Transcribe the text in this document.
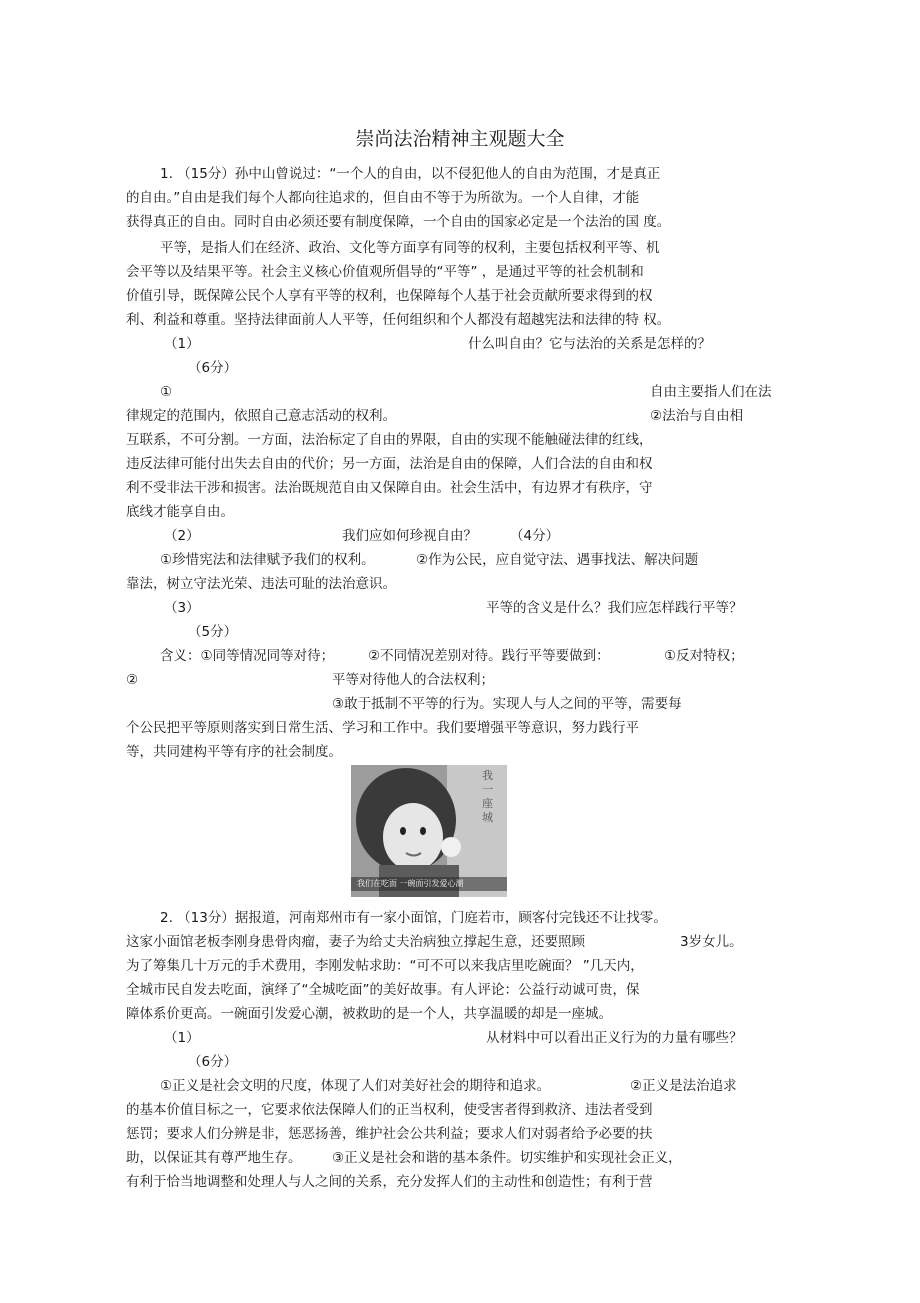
崇尚法治精神主观题大全
1. （15分）孙中山曾说过：“一个人的自由，以不侵犯他人的自由为范围，才是真正
的自由。”自由是我们每个人都向往追求的，但自由不等于为所欲为。一个人自律，才能
获得真正的自由。同时自由必须还要有制度保障，一个自由的国家必定是一个法治的国 度。
平等，是指人们在经济、政治、文化等方面享有同等的权利，主要包括权利平等、机
会平等以及结果平等。社会主义核心价值观所倡导的“平等” ，是通过平等的社会机制和
价值引导，既保障公民个人享有平等的权利，也保障每个人基于社会贡献所要求得到的权
利、利益和尊重。坚持法律面前人人平等，任何组织和个人都没有超越宪法和法律的特 权。
（1）	什么叫自由？它与法治的关系是怎样的？
（6分）
①	自由主要指人们在法
律规定的范围内，依照自己意志活动的权利。	②法治与自由相
互联系，不可分割。一方面，法治标定了自由的界限，自由的实现不能触碰法律的红线，
违反法律可能付出失去自由的代价；另一方面，法治是自由的保障，人们合法的自由和权
利不受非法干涉和损害。法治既规范自由又保障自由。社会生活中，有边界才有秩序，守
底线才能享自由。
（2）	我们应如何珍视自由？ （4分）
①珍惜宪法和法律赋予我们的权利。	②作为公民，应自觉守法、遇事找法、解决问题
靠法，树立守法光荣、违法可耻的法治意识。
（3）	平等的含义是什么？我们应怎样践行平等？
（5分）
含义：①同等情况同等对待；	②不同情况差别对待。践行平等要做到：	①反对特权；
②	平等对待他人的合法权利；
③敢于抵制不平等的行为。实现人与人之间的平等，需要每
个公民把平等原则落实到日常生活、学习和工作中。我们要增强平等意识，努力践行平
等，共同建构平等有序的社会制度。
我 一 座 城
我们在吃面 一碗面引发爱心潮
2. （13分）据报道，河南郑州市有一家小面馆，门庭若市，顾客付完钱还不让找零。
这家小面馆老板李刚身患骨肉瘤，妻子为给丈夫治病独立撑起生意，还要照顾	3岁女儿。
为了筹集几十万元的手术费用，李刚发帖求助：“可不可以来我店里吃碗面？ ”几天内，
全城市民自发去吃面，演绎了“全城吃面”的美好故事。有人评论：公益行动诚可贵，保
障体系价更高。一碗面引发爱心潮，被救助的是一个人，共享温暖的却是一座城。
（1）	从材料中可以看出正义行为的力量有哪些？
（6分）
①正义是社会文明的尺度，体现了人们对美好社会的期待和追求。	②正义是法治追求
的基本价值目标之一，它要求依法保障人们的正当权利，使受害者得到救济、违法者受到
惩罚；要求人们分辨是非，惩恶扬善，维护社会公共利益；要求人们对弱者给予必要的扶
助，以保证其有尊严地生存。 ③正义是社会和谐的基本条件。切实维护和实现社会正义，
有利于恰当地调整和处理人与人之间的关系，充分发挥人们的主动性和创造性；有利于营
